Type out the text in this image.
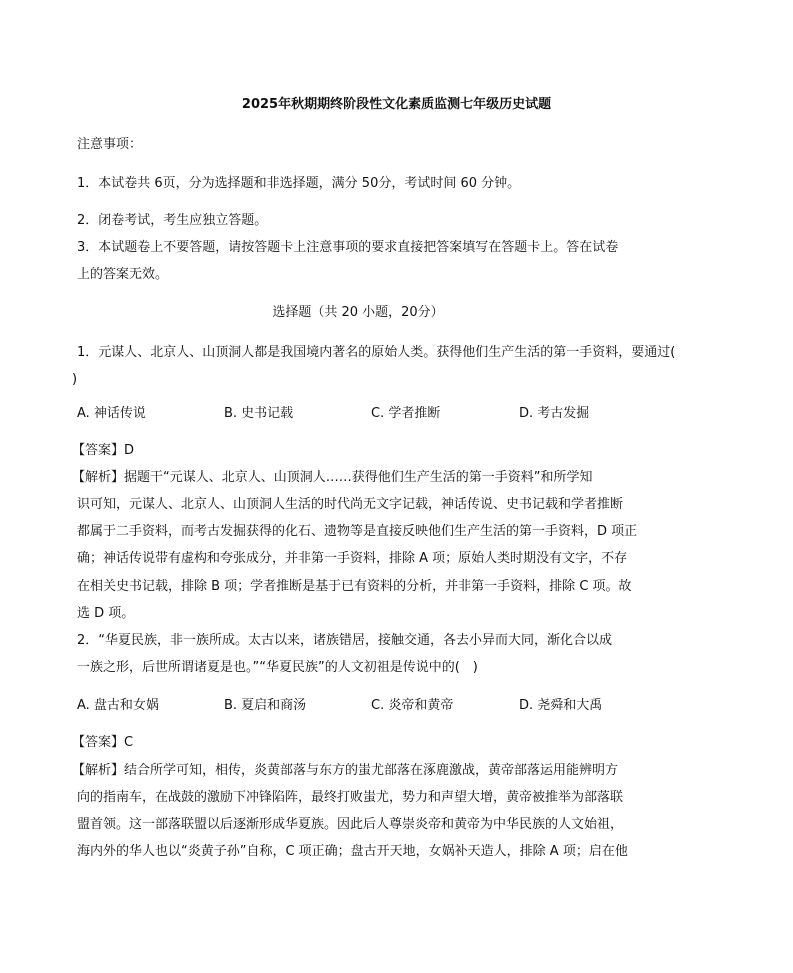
2025年秋期期终阶段性文化素质监测七年级历史试题
注意事项：
1．本试卷共 6页，分为选择题和非选择题，满分 50分，考试时间 60 分钟。
2．闭卷考试，考生应独立答题。
3．本试题卷上不要答题，请按答题卡上注意事项的要求直接把答案填写在答题卡上。答在试卷
上的答案无效。
选择题（共 20 小题，20分）
1．元谋人、北京人、山顶洞人都是我国境内著名的原始人类。获得他们生产生活的第一手资料，要通过(
)
A. 神话传说	B. 史书记载	C. 学者推断	D. 考古发掘
【答案】D
【解析】据题干“元谋人、北京人、山顶洞人……获得他们生产生活的第一手资料”和所学知
识可知，元谋人、北京人、山顶洞人生活的时代尚无文字记载，神话传说、史书记载和学者推断
都属于二手资料，而考古发掘获得的化石、遗物等是直接反映他们生产生活的第一手资料，D 项正
确；神话传说带有虚构和夸张成分，并非第一手资料，排除 A 项；原始人类时期没有文字，不存
在相关史书记载，排除 B 项；学者推断是基于已有资料的分析，并非第一手资料，排除 C 项。故
选 D 项。
2．“华夏民族，非一族所成。太古以来，诸族错居，接触交通，各去小异而大同，渐化合以成
一族之形，后世所谓诸夏是也。”“华夏民族”的人文初祖是传说中的(　)
A. 盘古和女娲	B. 夏启和商汤	C. 炎帝和黄帝	D. 尧舜和大禹
【答案】C
【解析】结合所学可知，相传，炎黄部落与东方的蚩尤部落在涿鹿激战，黄帝部落运用能辨明方
向的指南车，在战鼓的激励下冲锋陷阵，最终打败蚩尤，势力和声望大增，黄帝被推举为部落联
盟首领。这一部落联盟以后逐渐形成华夏族。因此后人尊崇炎帝和黄帝为中华民族的人文始祖，
海内外的华人也以“炎黄子孙”自称，C 项正确；盘古开天地，女娲补天造人，排除 A 项；启在他
